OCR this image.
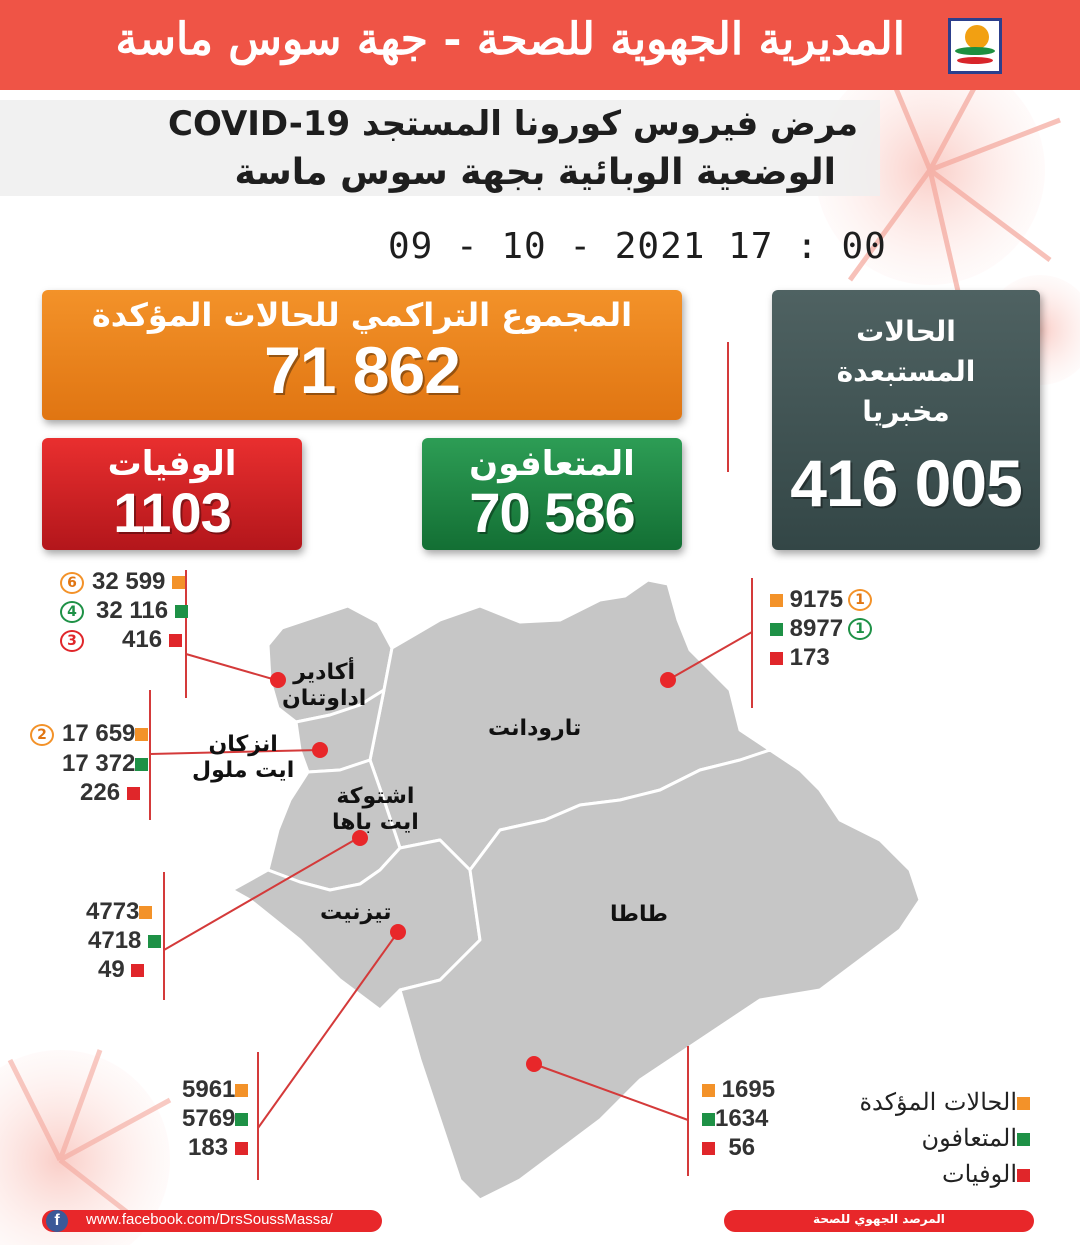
المديرية الجهوية للصحة - جهة سوس ماسة
مرض فيروس كورونا المستجد COVID-19
الوضعية الوبائية بجهة سوس ماسة
09 - 10 - 2021 17 : 00
المجموع التراكمي للحالات المؤكدة
71 862
الوفيات
1103
المتعافون
70 586
الحالات
المستبعدة
مخبريا
416 005
أكادير
اداوتنان
انزكان
ايت ملول
اشتوكة
ايت باها
تيزنيت
تارودانت
طاطا
6 32 599
4 32 116
3 416
2 17 659
17 372
226
4773
4718
49
5961
5769
183
9175 1
8977 1
173
1695
1634
56
الحالات المؤكدة
المتعافون
الوفيات
f	www.facebook.com/DrsSoussMassa/	المرصد الجهوي للصحة
